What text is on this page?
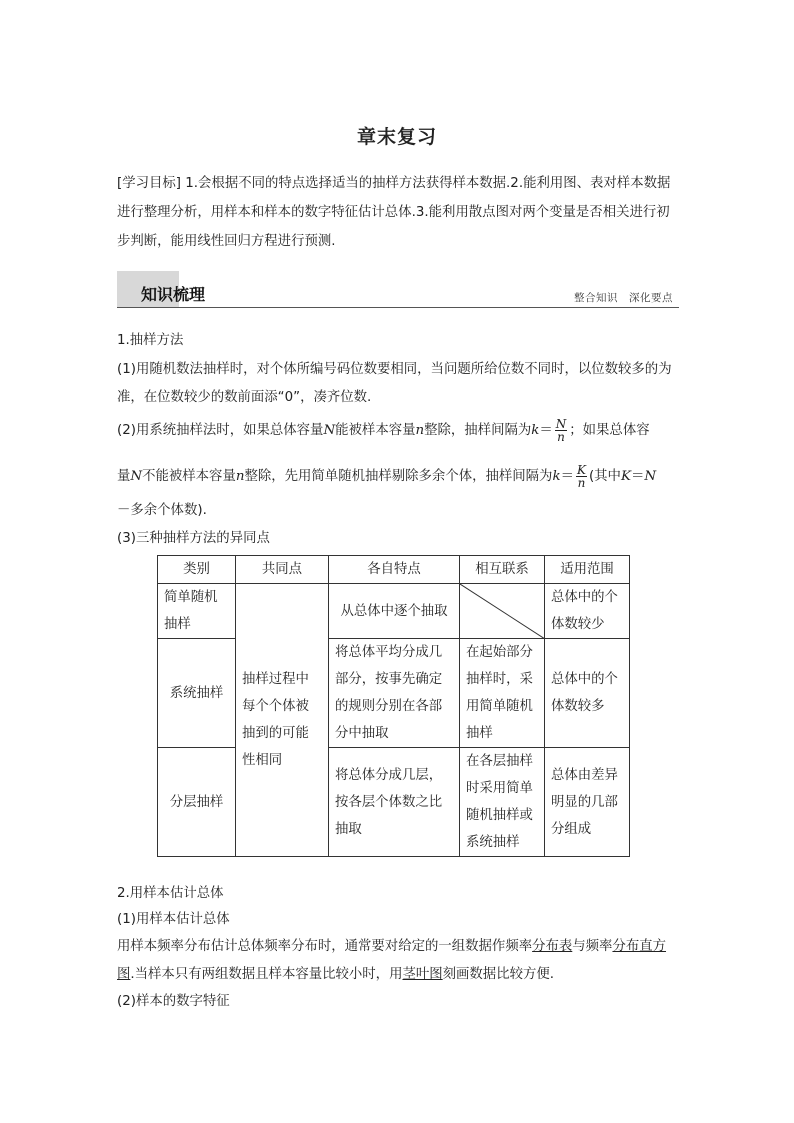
章末复习
[学习目标] 1.会根据不同的特点选择适当的抽样方法获得样本数据.2.能利用图、表对样本数据进行整理分析，用样本和样本的数字特征估计总体.3.能利用散点图对两个变量是否相关进行初步判断，能用线性回归方程进行预测.
知识梳理	整合知识　深化要点
1.抽样方法
(1)用随机数法抽样时，对个体所编号码位数要相同，当问题所给位数不同时，以位数较多的为准，在位数较少的数前面添“0”，凑齐位数.
(2)用系统抽样法时，如果总体容量N能被样本容量n整除，抽样间隔为$k= \frac{N}{n}$ ；如果总体容
量N不能被样本容量n整除，先用简单随机抽样剔除多余个体，抽样间隔为$k= \frac{K}{n}$ (其中K＝N
－多余个体数).
(3)三种抽样方法的异同点
类别	共同点	各自特点	相互联系	适用范围
简单随机抽样	抽样过程中每个个体被抽到的可能性相同	从总体中逐个抽取		总体中的个体数较少
系统抽样		将总体平均分成几部分，按事先确定的规则分别在各部分中抽取	在起始部分抽样时，采用简单随机抽样	总体中的个体数较多
分层抽样		将总体分成几层，按各层个体数之比抽取	在各层抽样时采用简单随机抽样或系统抽样	总体由差异明显的几部分组成
2.用样本估计总体
(1)用样本估计总体
用样本频率分布估计总体频率分布时，通常要对给定的一组数据作频率分布表与频率分布直方图.当样本只有两组数据且样本容量比较小时，用茎叶图刻画数据比较方便.
(2)样本的数字特征
